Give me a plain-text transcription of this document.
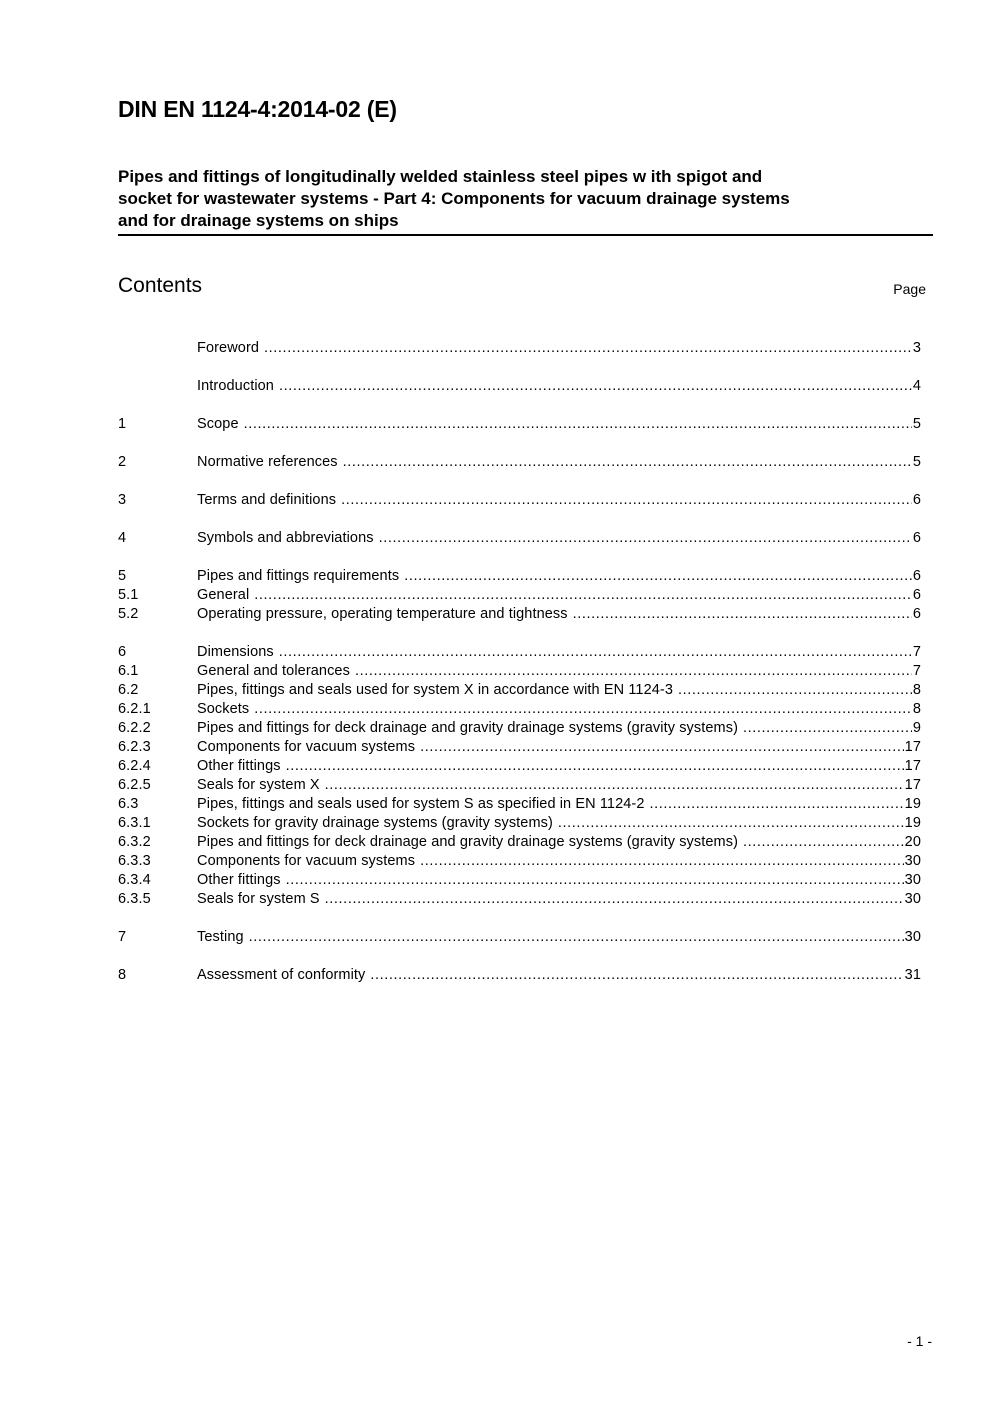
DIN EN 1124-4:2014-02 (E)
Pipes and fittings of longitudinally welded stainless steel pipes w ith spigot and
socket for wastewater systems - Part 4: Components for vacuum drainage systems
and for drainage systems on ships
Contents	Page
Foreword .....	3
Introduction .....	4
1	Scope .....	5
2	Normative references .....	5
3	Terms and definitions .....	6
4	Symbols and abbreviations .....	6
5	Pipes and fittings requirements .....	6
5.1	General .....	6
5.2	Operating pressure, operating temperature and tightness .....	6
6	Dimensions .....	7
6.1	General and tolerances .....	7
6.2	Pipes, fittings and seals used for system X in accordance with EN 1124-3 .....	8
6.2.1	Sockets .....	8
6.2.2	Pipes and fittings for deck drainage and gravity drainage systems (gravity systems) .....	9
6.2.3	Components for vacuum systems .....	17
6.2.4	Other fittings .....	17
6.2.5	Seals for system X .....	17
6.3	Pipes, fittings and seals used for system S as specified in EN 1124-2 .....	19
6.3.1	Sockets for gravity drainage systems (gravity systems) .....	19
6.3.2	Pipes and fittings for deck drainage and gravity drainage systems (gravity systems) .....	20
6.3.3	Components for vacuum systems .....	30
6.3.4	Other fittings .....	30
6.3.5	Seals for system S .....	30
7	Testing .....	30
8	Assessment of conformity .....	31
- 1 -
